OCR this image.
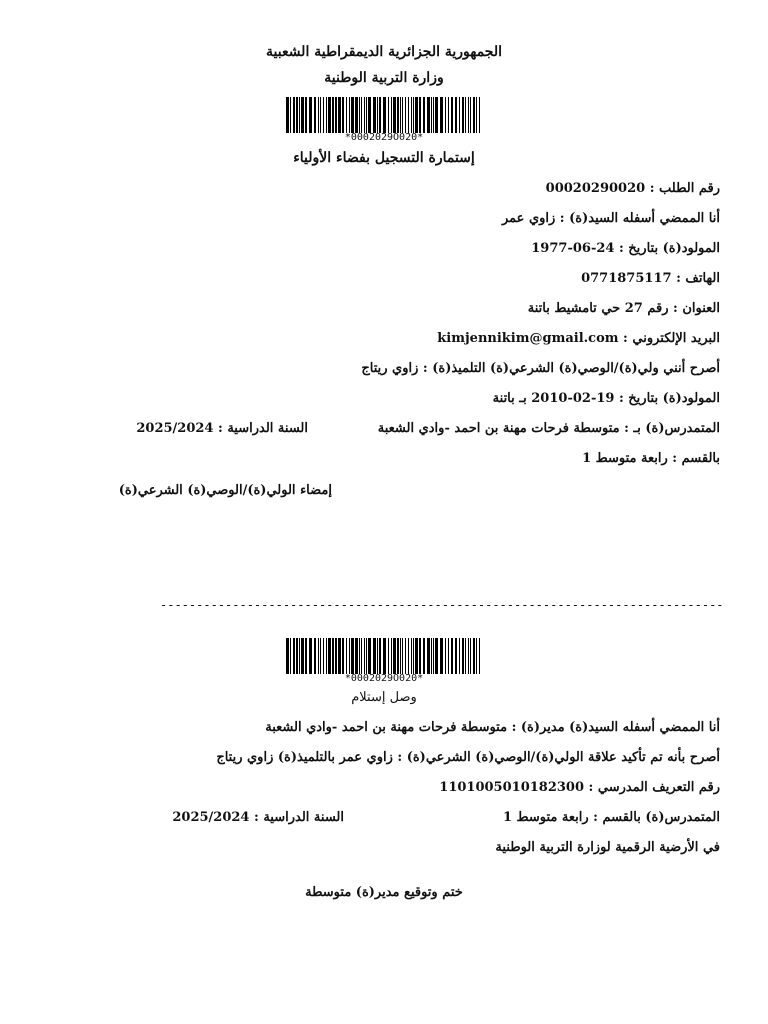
الجمهورية الجزائرية الديمقراطية الشعبية
وزارة التربية الوطنية
*0002029O020*
إستمارة التسجيل بفضاء الأولياء
رقم الطلب : 00020290020
أنا الممضي أسفله السيد(ة) : زاوي عمر
المولود(ة) بتاريخ : 24-06-1977
الهاتف : 0771875117
العنوان : رقم 27 حي تامشيط باتنة
البريد الإلكتروني : kimjennikim@gmail.com
أصرح أنني ولي(ة)/الوصي(ة) الشرعي(ة) التلميذ(ة) : زاوي ريتاج
المولود(ة) بتاريخ : 19-02-2010 بـ باتنة
المتمدرس(ة) بـ : متوسطة فرحات مهنة بن احمد -وادي الشعبة
السنة الدراسية : 2025/2024
بالقسم : رابعة متوسط 1
إمضاء الولي(ة)/الوصي(ة) الشرعي(ة)
------------------------------------------------------------------------------
*0002029O020*
وصل إستلام
أنا الممضي أسفله السيد(ة) مدير(ة) : متوسطة فرحات مهنة بن احمد -وادي الشعبة
أصرح بأنه تم تأكيد علاقة الولي(ة)/الوصي(ة) الشرعي(ة) : زاوي عمر بالتلميذ(ة) زاوي ريتاج
رقم التعريف المدرسي : 1101005010182300
المتمدرس(ة) بالقسم : رابعة متوسط 1
السنة الدراسية : 2025/2024
في الأرضية الرقمية لوزارة التربية الوطنية
ختم وتوقيع مدير(ة) متوسطة
